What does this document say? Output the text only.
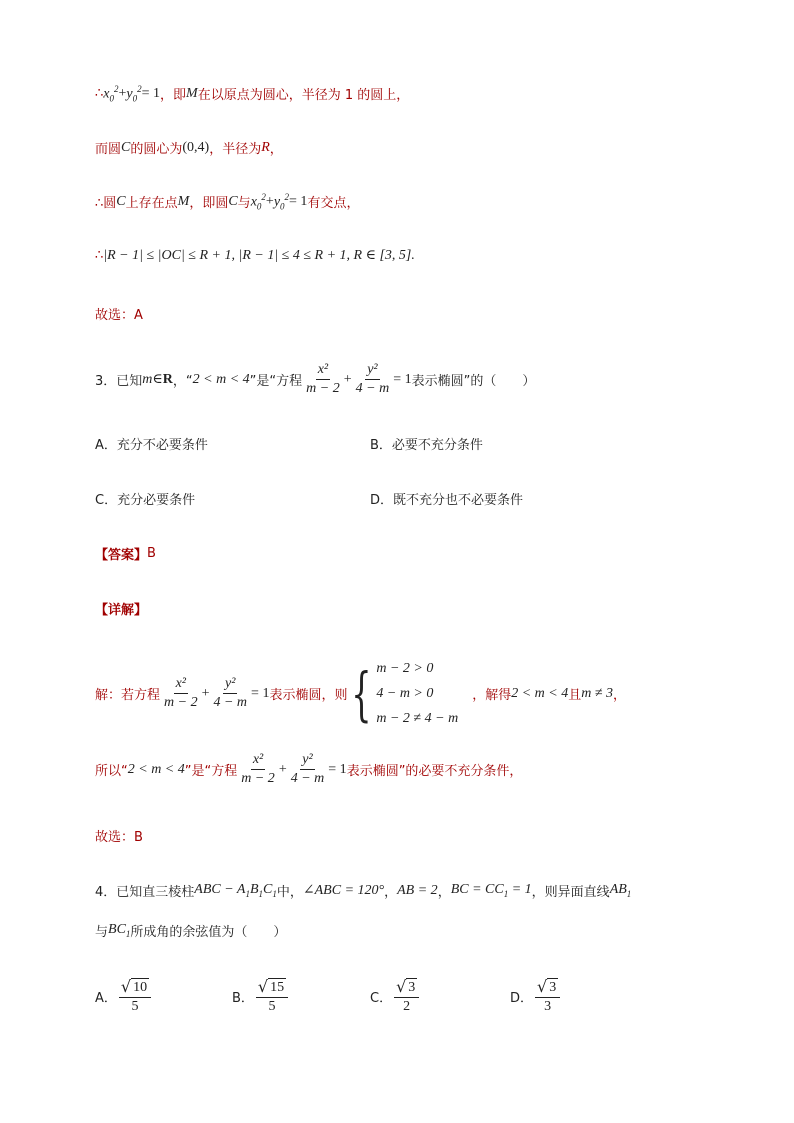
∴ $x_0^2 + y_0^2 = 1$ ，即 M 在以原点为圆心，半径为 1 的圆上，
而圆 C 的圆心为 (0,4) ，半径为 R ，
∴圆 C 上存在点 M ，即圆 C 与 $x_0^2 + y_0^2 = 1$ 有交点，
∴ |R − 1| ≤ |OC| ≤ R + 1, |R − 1| ≤ 4 ≤ R + 1, R ∈ [3, 5].
故选：A
3．已知 m ∈ R ，“ 2 < m < 4 ”是“方程 $\frac{\text{x²}}{m - 2} + \frac{\text{y²}}{4 - m} = 1$ 表示椭圆”的（　　）
A．充分不必要条件	B．必要不充分条件
C．充分必要条件	D．既不充分也不必要条件
【答案】 B
【详解】
解：若方程 $\frac{\text{x²}}{m - 2} + \frac{\text{y²}}{4 - m} = 1$ 表示椭圆，则 { m − 2 > 0
4 − m > 0
m − 2 ≠ 4 − m
，解得 2 < m < 4 且 m ≠ 3 ，
所以“ 2 < m < 4 ”是“方程 $\frac{\text{x²}}{m - 2} + \frac{\text{y²}}{4 - m} = 1$ 表示椭圆”的必要不充分条件，
故选：B
4．已知直三棱柱 ABC − $A_1B_1C_1$ 中， ∠ABC = 120° ， AB = 2 ， BC = $CC_1 = 1$ ，则异面直线 $AB_1$
与 $BC_1$ 所成角的余弦值为（　　）
A． $\frac{√ 10}{5}$	B． $\frac{√ 15}{5}$	C． $\frac{√ 3}{2}$	D． $\frac{√ 3}{3}$
